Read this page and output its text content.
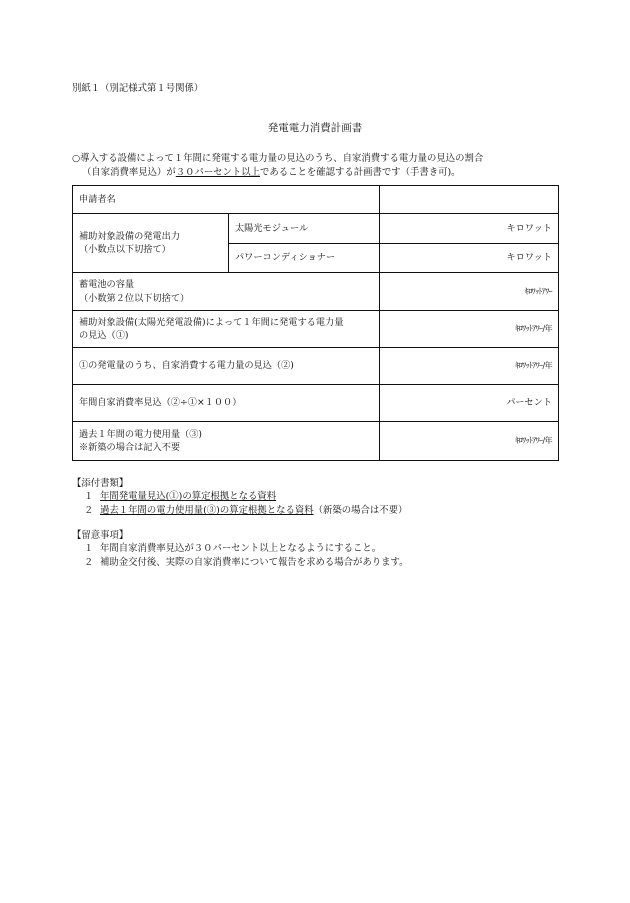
別紙１（別記様式第１号関係）
発電電力消費計画書
○導入する設備によって１年間に発電する電力量の見込のうち、自家消費する電力量の見込の割合
（自家消費率見込）が３０パーセント以上であることを確認する計画書です（手書き可)。
申請者名		

補助対象設備の発電出力
（小数点以下切捨て）	太陽光モジュール	キロワット
	パワーコンディショナー	キロワット

蓄電池の容量
（小数第２位以下切捨て）		ｷﾛﾜｯﾄｱﾜｰ

補助対象設備(太陽光発電設備)によって１年間に発電する電力量
の見込（①)		ｷﾛﾜｯﾄｱﾜｰ/年
①の発電量のうち、自家消費する電力量の見込（②)		ｷﾛﾜｯﾄｱﾜｰ/年
年間自家消費率見込（②÷①×１００）		パーセント

過去１年間の電力使用量（③)
※新築の場合は記入不要		ｷﾛﾜｯﾄｱﾜｰ/年
【添付書類】
１ 年間発電量見込(①)の算定根拠となる資料
２ 過去１年間の電力使用量(③)の算定根拠となる資料（新築の場合は不要）
【留意事項】
１ 年間自家消費率見込が３０パーセント以上となるようにすること。
２ 補助金交付後、実際の自家消費率について報告を求める場合があります。
